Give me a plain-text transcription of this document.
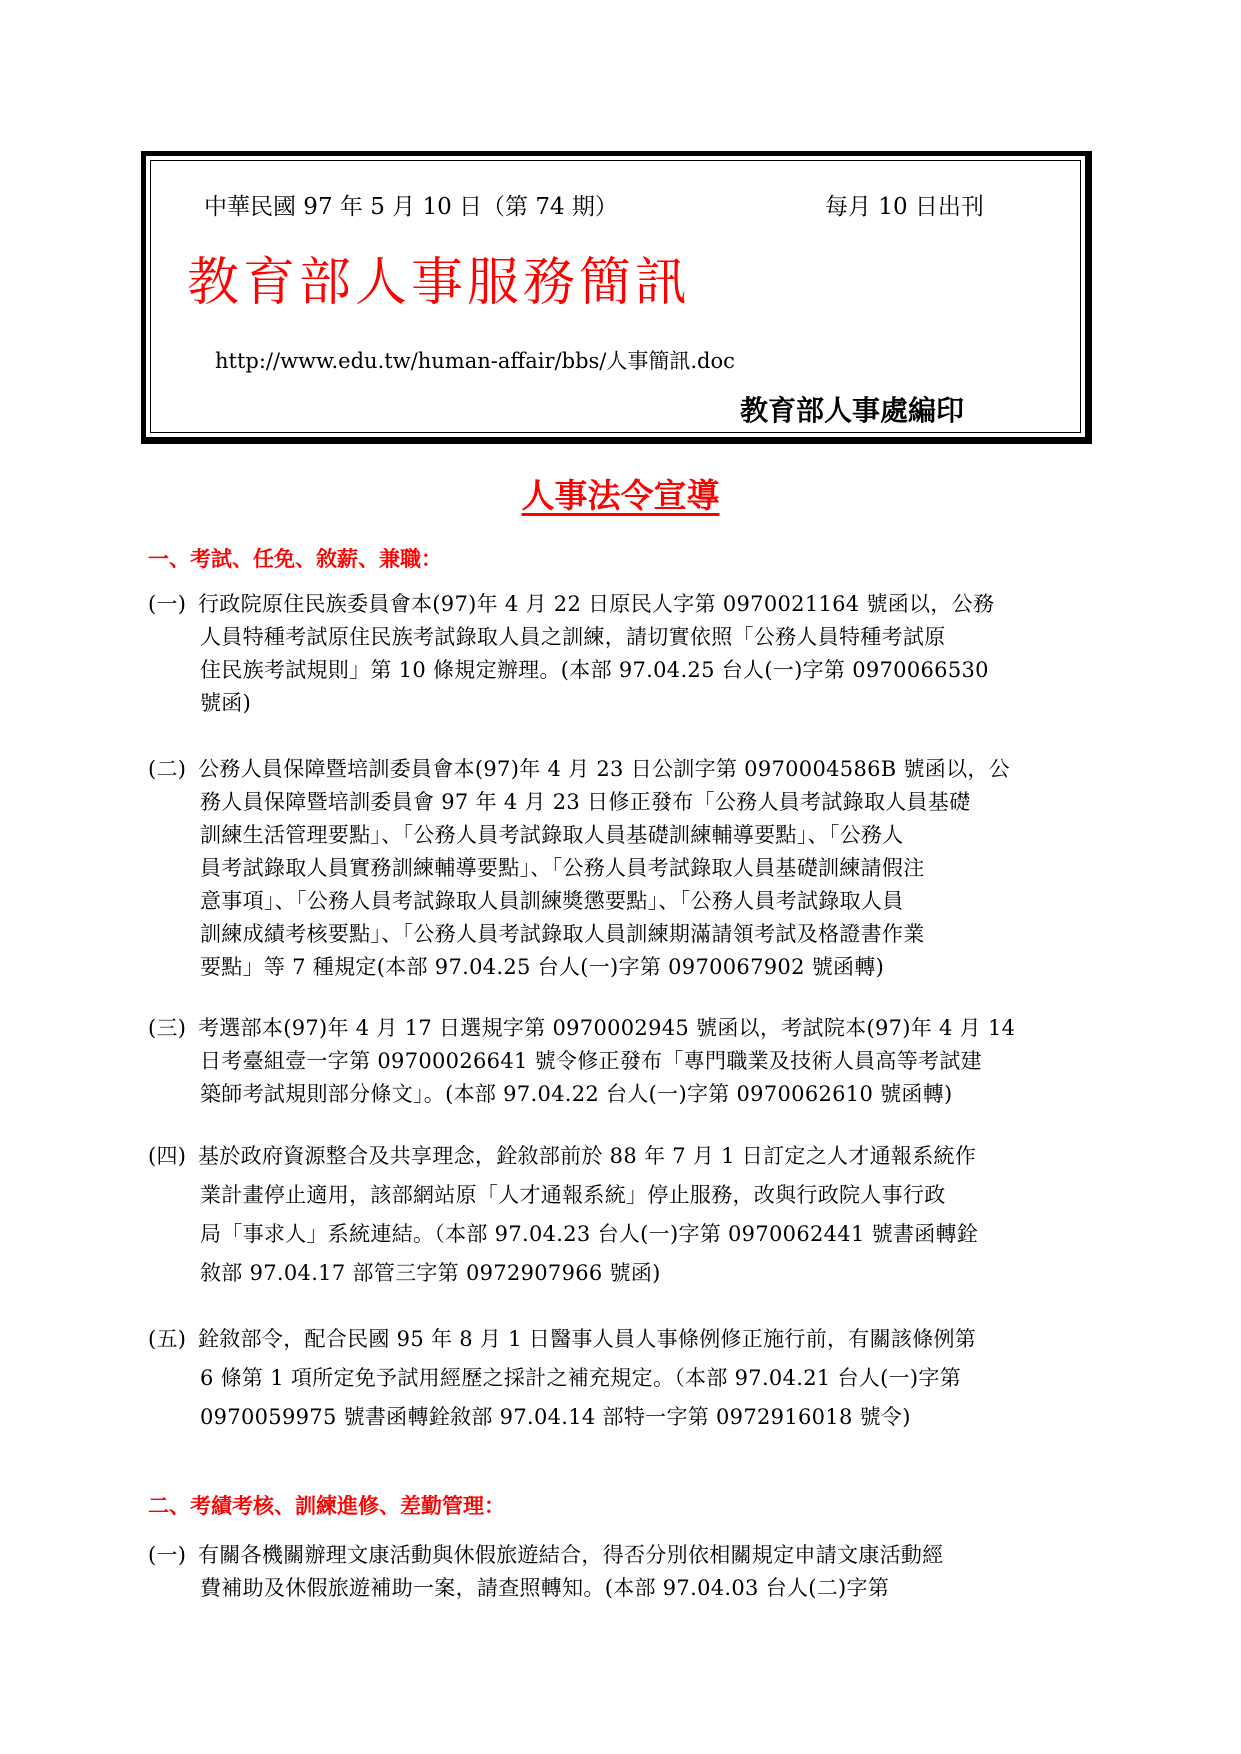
中華民國 97 年 5 月 10 日（第 74 期）	每月 10 日出刊
教育部人事服務簡訊
http://www.edu.tw/human-affair/bbs/人事簡訊.doc
教育部人事處編印
人事法令宣導
一、考試、任免、敘薪、兼職：
(一) 行政院原住民族委員會本(97)年 4 月 22 日原民人字第 0970021164 號函以，公務
人員特種考試原住民族考試錄取人員之訓練，請切實依照「公務人員特種考試原
住民族考試規則」第 10 條規定辦理。(本部 97.04.25 台人(一)字第 0970066530
號函)
(二) 公務人員保障暨培訓委員會本(97)年 4 月 23 日公訓字第 0970004586B 號函以，公
務人員保障暨培訓委員會 97 年 4 月 23 日修正發布「公務人員考試錄取人員基礎
訓練生活管理要點」、「公務人員考試錄取人員基礎訓練輔導要點」、「公務人
員考試錄取人員實務訓練輔導要點」、「公務人員考試錄取人員基礎訓練請假注
意事項」、「公務人員考試錄取人員訓練獎懲要點」、「公務人員考試錄取人員
訓練成績考核要點」、「公務人員考試錄取人員訓練期滿請領考試及格證書作業
要點」等 7 種規定(本部 97.04.25 台人(一)字第 0970067902 號函轉)
(三) 考選部本(97)年 4 月 17 日選規字第 0970002945 號函以，考試院本(97)年 4 月 14
日考臺組壹一字第 09700026641 號令修正發布「專門職業及技術人員高等考試建
築師考試規則部分條文」。(本部 97.04.22 台人(一)字第 0970062610 號函轉)
(四) 基於政府資源整合及共享理念，銓敘部前於 88 年 7 月 1 日訂定之人才通報系統作
業計畫停止適用，該部網站原「人才通報系統」停止服務，改與行政院人事行政
局「事求人」系統連結。（本部 97.04.23 台人(一)字第 0970062441 號書函轉銓
敘部 97.04.17 部管三字第 0972907966 號函)
(五) 銓敘部令，配合民國 95 年 8 月 1 日醫事人員人事條例修正施行前，有關該條例第
6 條第 1 項所定免予試用經歷之採計之補充規定。（本部 97.04.21 台人(一)字第
0970059975 號書函轉銓敘部 97.04.14 部特一字第 0972916018 號令)
二、考績考核、訓練進修、差勤管理：
(一) 有關各機關辦理文康活動與休假旅遊結合，得否分別依相關規定申請文康活動經
費補助及休假旅遊補助一案，請查照轉知。(本部 97.04.03 台人(二)字第
